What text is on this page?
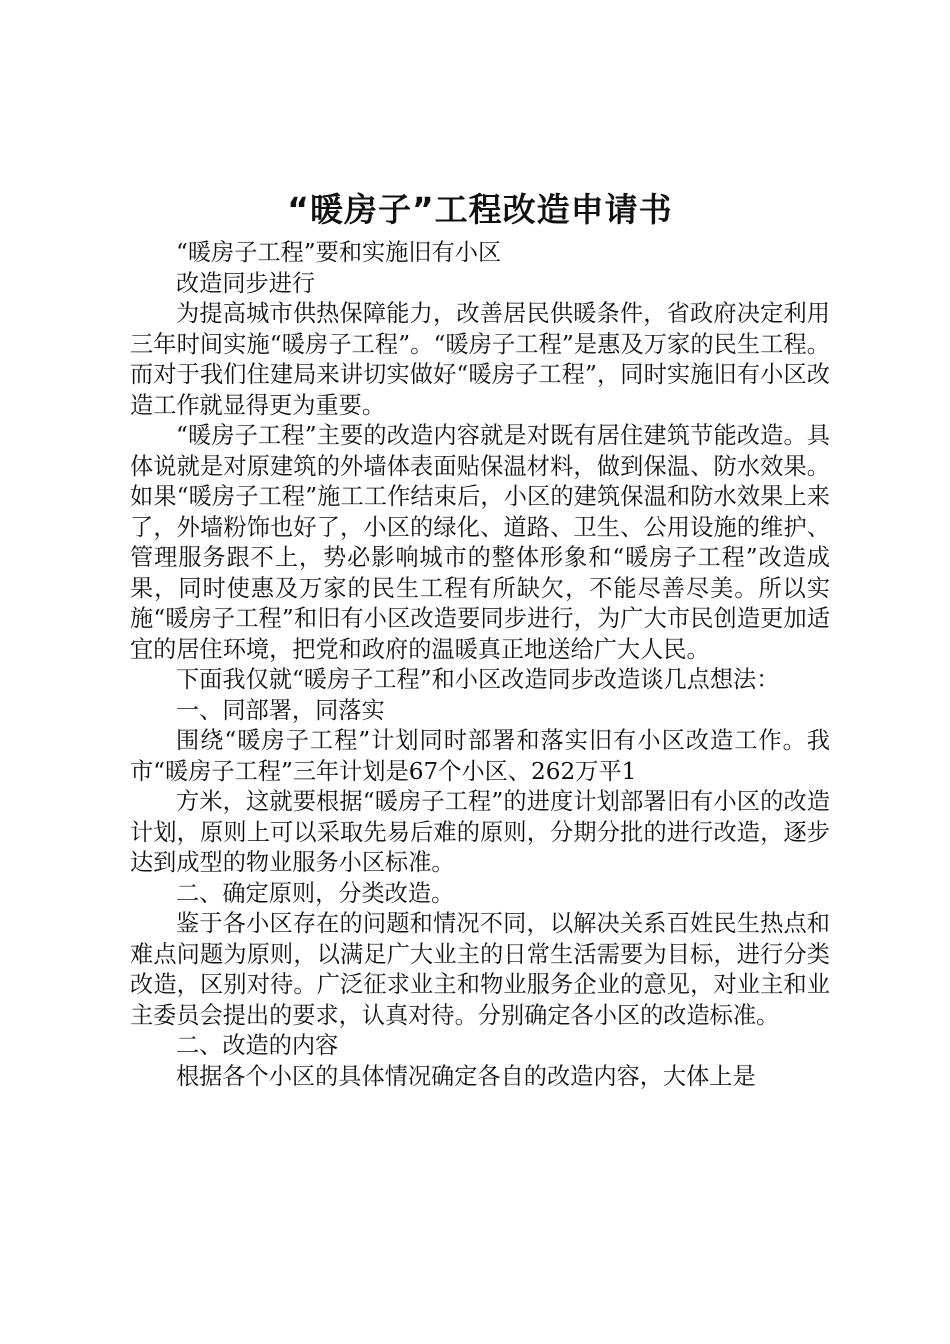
“暖房子”工程改造申请书

“暖房子工程”要和实施旧有小区

改造同步进行

为提高城市供热保障能力，改善居民供暖条件，省政府决定利用三年时间实施“暖房子工程”。“暖房子工程”是惠及万家的民生工程。而对于我们住建局来讲切实做好“暖房子工程”，同时实施旧有小区改造工作就显得更为重要。

“暖房子工程”主要的改造内容就是对既有居住建筑节能改造。具体说就是对原建筑的外墙体表面贴保温材料，做到保温、防水效果。如果“暖房子工程”施工工作结束后，小区的建筑保温和防水效果上来了，外墙粉饰也好了，小区的绿化、道路、卫生、公用设施的维护、管理服务跟不上，势必影响城市的整体形象和“暖房子工程”改造成果，同时使惠及万家的民生工程有所缺欠，不能尽善尽美。所以实施“暖房子工程”和旧有小区改造要同步进行，为广大市民创造更加适宜的居住环境，把党和政府的温暖真正地送给广大人民。

下面我仅就“暖房子工程”和小区改造同步改造谈几点想法：

一、同部署，同落实

围绕“暖房子工程”计划同时部署和落实旧有小区改造工作。我市“暖房子工程”三年计划是67个小区、262万平1

方米，这就要根据“暖房子工程”的进度计划部署旧有小区的改造计划，原则上可以采取先易后难的原则，分期分批的进行改造，逐步达到成型的物业服务小区标准。

二、确定原则，分类改造。

鉴于各小区存在的问题和情况不同，以解决关系百姓民生热点和难点问题为原则，以满足广大业主的日常生活需要为目标，进行分类改造，区别对待。广泛征求业主和物业服务企业的意见，对业主和业主委员会提出的要求，认真对待。分别确定各小区的改造标准。

二、改造的内容

根据各个小区的具体情况确定各自的改造内容，大体上是
